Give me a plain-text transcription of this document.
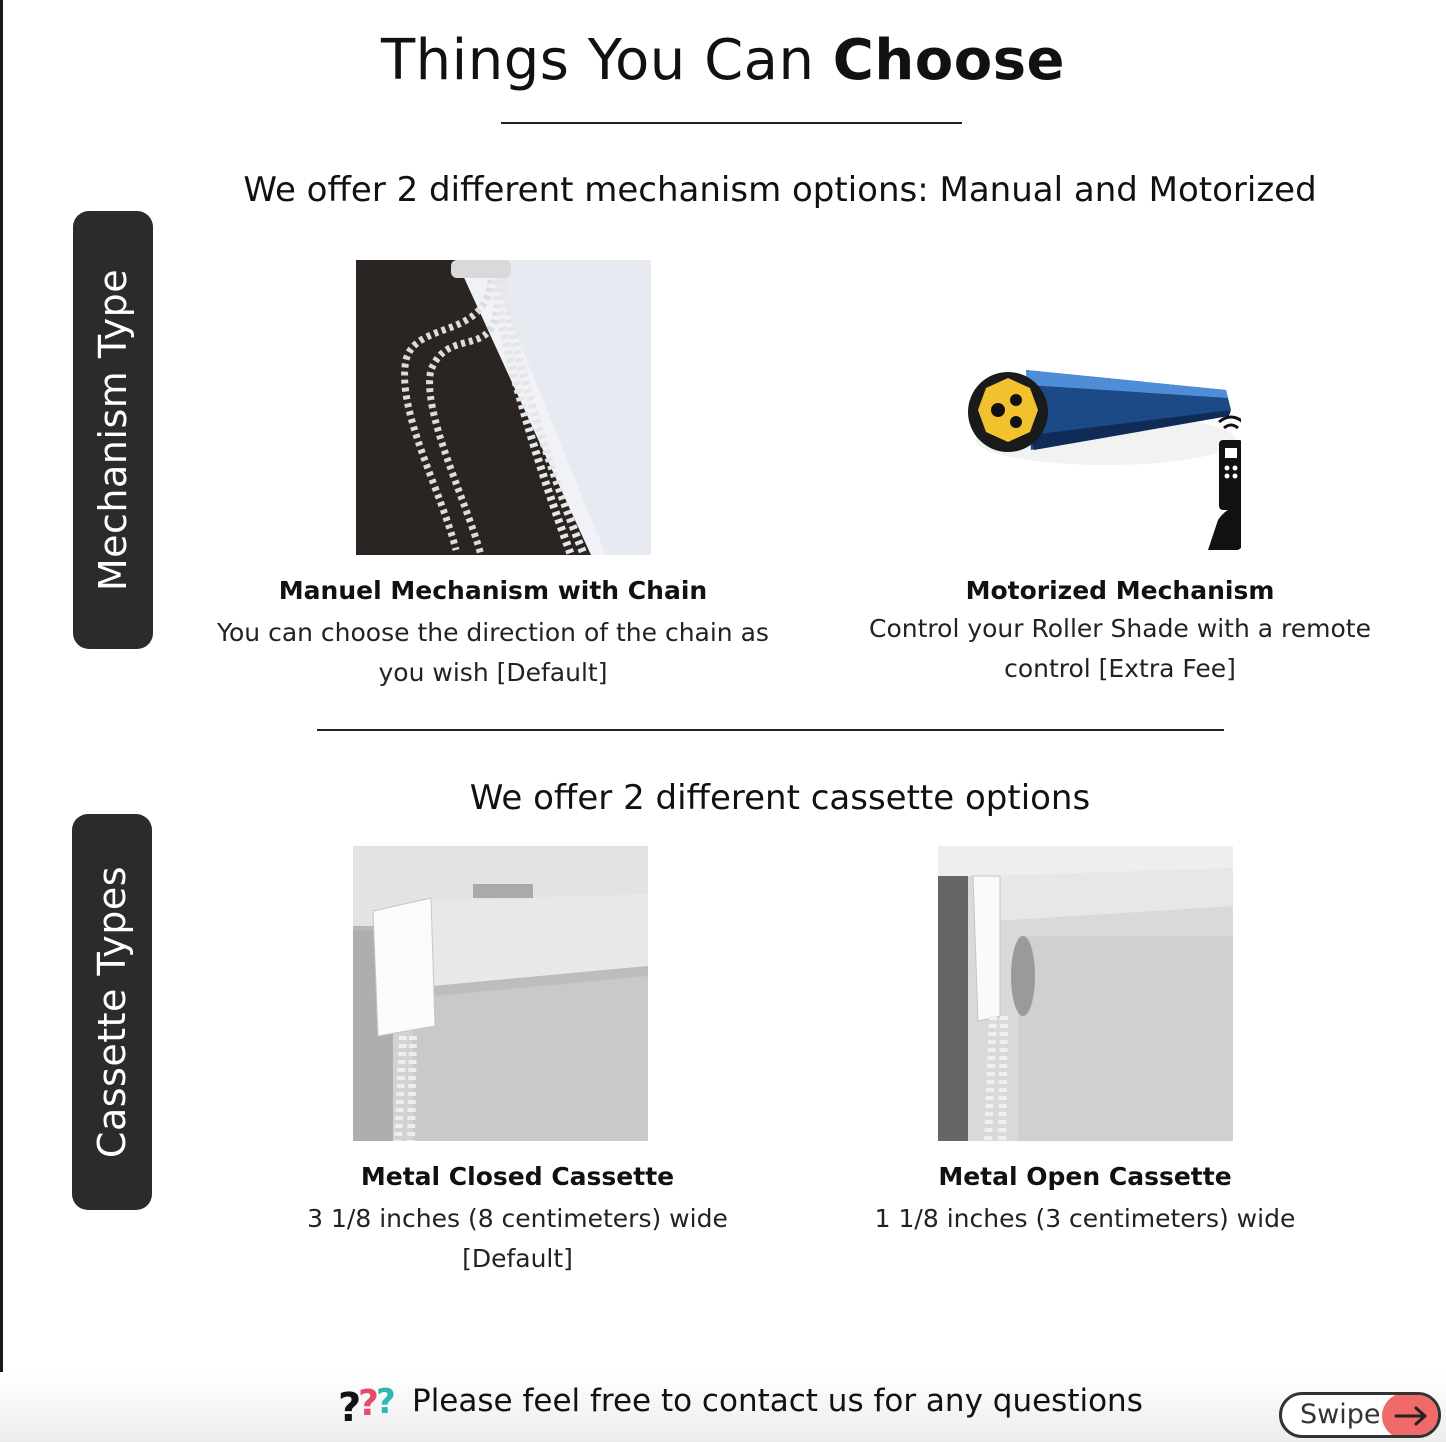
Things You Can Choose
Mechanism Type
We offer 2 different mechanism options: Manual and Motorized
Manuel Mechanism with Chain
You can choose the direction of the chain as you wish [Default]
Motorized Mechanism
Control your Roller Shade with a remote control [Extra Fee]
Cassette Types
We offer 2 different cassette options
Metal Closed Cassette
3 1/8 inches (8 centimeters) wide [Default]
Metal Open Cassette
1 1/8 inches (3 centimeters) wide
?
?
? Please feel free to contact us for any questions	Swipe
